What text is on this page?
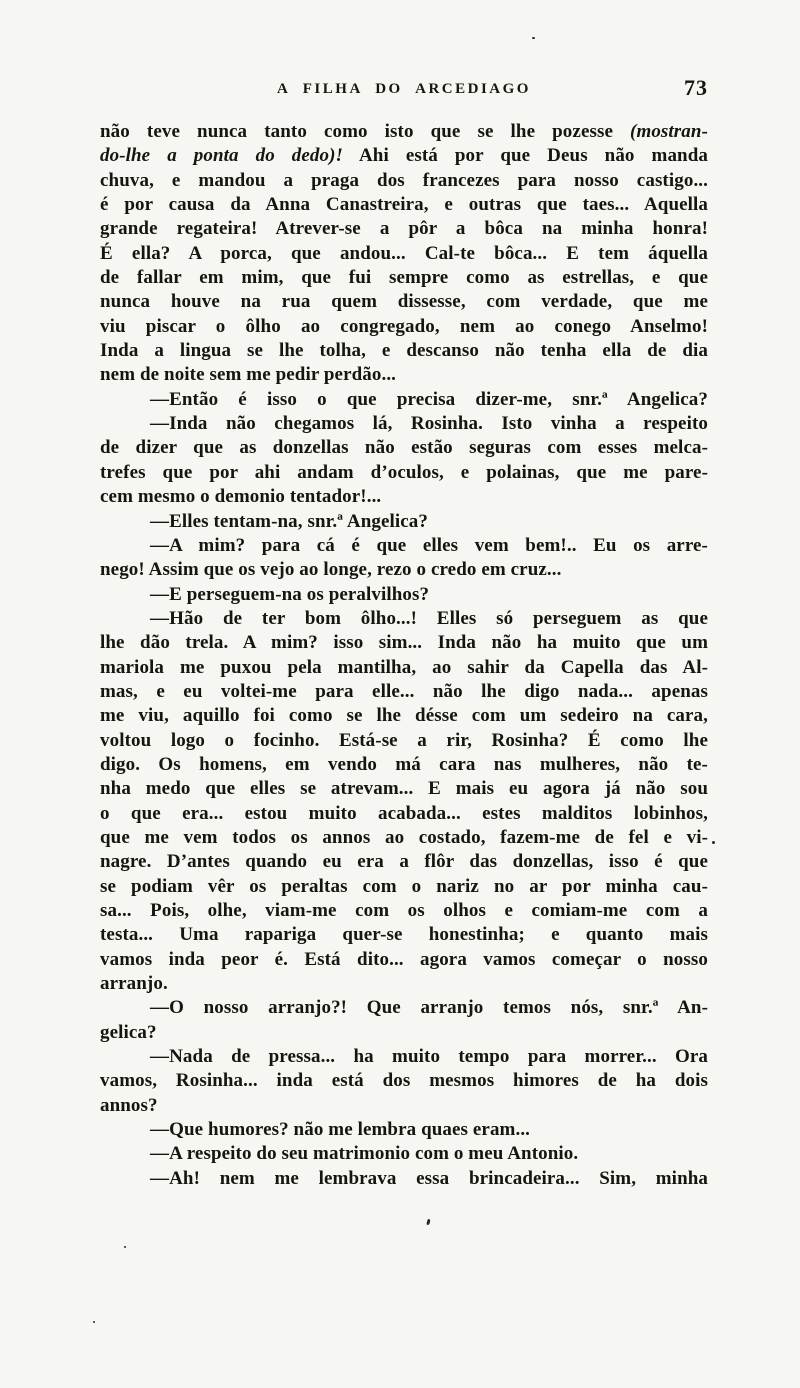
A FILHA DO ARCEDIAGO	73
não teve nunca tanto como isto que se lhe pozesse (mostran-
do-lhe a ponta do dedo)! Ahi está por que Deus não manda
chuva, e mandou a praga dos francezes para nosso castigo...
é por causa da Anna Canastreira, e outras que taes... Aquella
grande regateira! Atrever-se a pôr a bôca na minha honra!
É ella? A porca, que andou... Cal-te bôca... E tem áquella
de fallar em mim, que fui sempre como as estrellas, e que
nunca houve na rua quem dissesse, com verdade, que me
viu piscar o ôlho ao congregado, nem ao conego Anselmo!
Inda a lingua se lhe tolha, e descanso não tenha ella de dia
nem de noite sem me pedir perdão...
—Então é isso o que precisa dizer-me, snr.ª Angelica?
—Inda não chegamos lá, Rosinha. Isto vinha a respeito
de dizer que as donzellas não estão seguras com esses melca-
trefes que por ahi andam d’oculos, e polainas, que me pare-
cem mesmo o demonio tentador!...
—Elles tentam-na, snr.ª Angelica?
—A mim? para cá é que elles vem bem!.. Eu os arre-
nego! Assim que os vejo ao longe, rezo o credo em cruz...
—E perseguem-na os peralvilhos?
—Hão de ter bom ôlho...! Elles só perseguem as que
lhe dão trela. A mim? isso sim... Inda não ha muito que um
mariola me puxou pela mantilha, ao sahir da Capella das Al-
mas, e eu voltei-me para elle... não lhe digo nada... apenas
me viu, aquillo foi como se lhe désse com um sedeiro na cara,
voltou logo o focinho. Está-se a rir, Rosinha? É como lhe
digo. Os homens, em vendo má cara nas mulheres, não te-
nha medo que elles se atrevam... E mais eu agora já não sou
o que era... estou muito acabada... estes malditos lobinhos,
que me vem todos os annos ao costado, fazem-me de fel e vi-
nagre. D’antes quando eu era a flôr das donzellas, isso é que
se podiam vêr os peraltas com o nariz no ar por minha cau-
sa... Pois, olhe, viam-me com os olhos e comiam-me com a
testa... Uma rapariga quer-se honestinha; e quanto mais
vamos inda peor é. Está dito... agora vamos começar o nosso
arranjo.
—O nosso arranjo?! Que arranjo temos nós, snr.ª An-
gelica?
—Nada de pressa... ha muito tempo para morrer... Ora
vamos, Rosinha... inda está dos mesmos himores de ha dois
annos?
—Que humores? não me lembra quaes eram...
—A respeito do seu matrimonio com o meu Antonio.
—Ah! nem me lembrava essa brincadeira... Sim, minha
